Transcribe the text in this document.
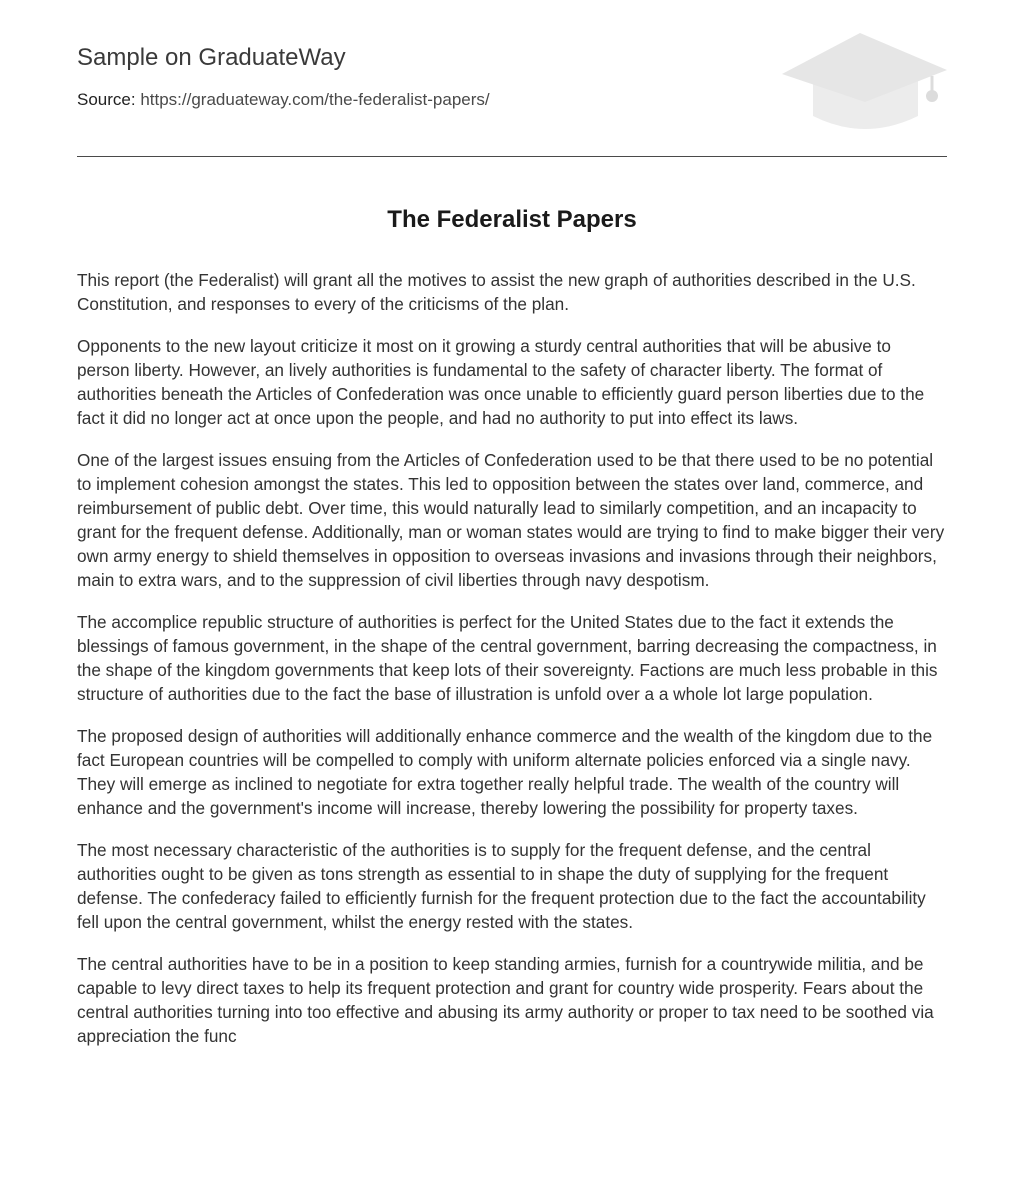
Sample on GraduateWay
Source: https://graduateway.com/the-federalist-papers/
The Federalist Papers

This report (the Federalist) will grant all the motives to assist the new graph of authorities described in the U.S. Constitution, and responses to every of the criticisms of the plan.

Opponents to the new layout criticize it most on it growing a sturdy central authorities that will be abusive to person liberty. However, an lively authorities is fundamental to the safety of character liberty. The format of authorities beneath the Articles of Confederation was once unable to efficiently guard person liberties due to the fact it did no longer act at once upon the people, and had no authority to put into effect its laws.

One of the largest issues ensuing from the Articles of Confederation used to be that there used to be no potential to implement cohesion amongst the states. This led to opposition between the states over land, commerce, and reimbursement of public debt. Over time, this would naturally lead to similarly competition, and an incapacity to grant for the frequent defense. Additionally, man or woman states would are trying to find to make bigger their very own army energy to shield themselves in opposition to overseas invasions and invasions through their neighbors, main to extra wars, and to the suppression of civil liberties through navy despotism.

The accomplice republic structure of authorities is perfect for the United States due to the fact it extends the blessings of famous government, in the shape of the central government, barring decreasing the compactness, in the shape of the kingdom governments that keep lots of their sovereignty. Factions are much less probable in this structure of authorities due to the fact the base of illustration is unfold over a a whole lot large population.

The proposed design of authorities will additionally enhance commerce and the wealth of the kingdom due to the fact European countries will be compelled to comply with uniform alternate policies enforced via a single navy. They will emerge as inclined to negotiate for extra together really helpful trade. The wealth of the country will enhance and the government's income will increase, thereby lowering the possibility for property taxes.

The most necessary characteristic of the authorities is to supply for the frequent defense, and the central authorities ought to be given as tons strength as essential to in shape the duty of supplying for the frequent defense. The confederacy failed to efficiently furnish for the frequent protection due to the fact the accountability fell upon the central government, whilst the energy rested with the states.

The central authorities have to be in a position to keep standing armies, furnish for a countrywide militia, and be capable to levy direct taxes to help its frequent protection and grant for country wide prosperity. Fears about the central authorities turning into too effective and abusing its army authority or proper to tax need to be soothed via appreciation the func
